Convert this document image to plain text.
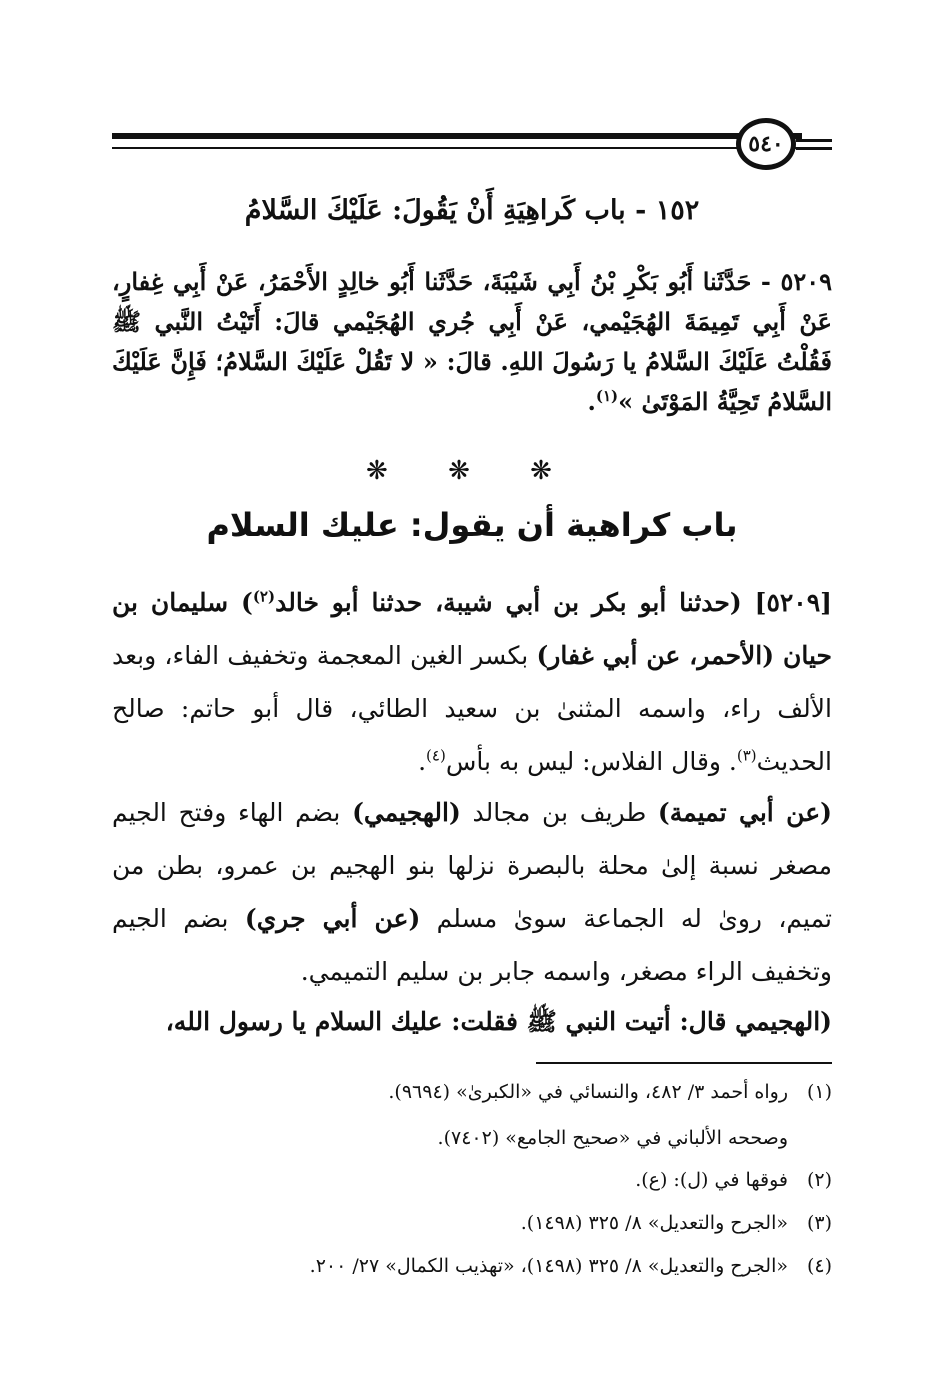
٥٤٠
١٥٢ - باب كَراهِيَةِ أَنْ يَقُولَ: عَلَيْكَ السَّلامُ
٥٢٠٩ - حَدَّثَنا أَبُو بَكْرِ بْنُ أَبِي شَيْبَةَ، حَدَّثَنا أَبُو خالِدٍ الأَحْمَرُ، عَنْ أَبِي غِفارٍ، عَنْ أَبِي تَمِيمَةَ الهُجَيْمي، عَنْ أَبِي جُري الهُجَيْمي قالَ: أَتَيْتُ النَّبي ﷺ فَقُلْتُ عَلَيْكَ السَّلامُ يا رَسُولَ اللهِ. قالَ: « لا تَقُلْ عَلَيْكَ السَّلامُ؛ فَإِنَّ عَلَيْكَ السَّلامُ تَحِيَّةُ المَوْتَىٰ »$^{(١)}$.
❋ ❋ ❋
باب كراهية أن يقول: عليك السلام
[٥٢٠٩] (حدثنا أبو بكر بن أبي شيبة، حدثنا أبو خالد$^{(٢)}$) سليمان بن حيان (الأحمر، عن أبي غفار) بكسر الغين المعجمة وتخفيف الفاء، وبعد الألف راء، واسمه المثنىٰ بن سعيد الطائي، قال أبو حاتم: صالح الحديث$^{(٣)}$. وقال الفلاس: ليس به بأس$^{(٤)}$.
(عن أبي تميمة) طريف بن مجالد (الهجيمي) بضم الهاء وفتح الجيم مصغر نسبة إلىٰ محلة بالبصرة نزلها بنو الهجيم بن عمرو، بطن من تميم، رویٰ له الجماعة سویٰ مسلم (عن أبي جري) بضم الجيم وتخفيف الراء مصغر، واسمه جابر بن سليم التميمي.
(الهجيمي قال: أتيت النبي ﷺ فقلت: عليك السلام يا رسول الله،
(١)رواه أحمد ٣/ ٤٨٢، والنسائي في «الكبرىٰ» (٩٦٩٤).
وصححه الألباني في «صحيح الجامع» (٧٤٠٢).
(٢)فوقها في (ل): (ع).
(٣)«الجرح والتعديل» ٨/ ٣٢٥ (١٤٩٨).
(٤)«الجرح والتعديل» ٨/ ٣٢٥ (١٤٩٨)، «تهذيب الكمال» ٢٧/ ٢٠٠.
